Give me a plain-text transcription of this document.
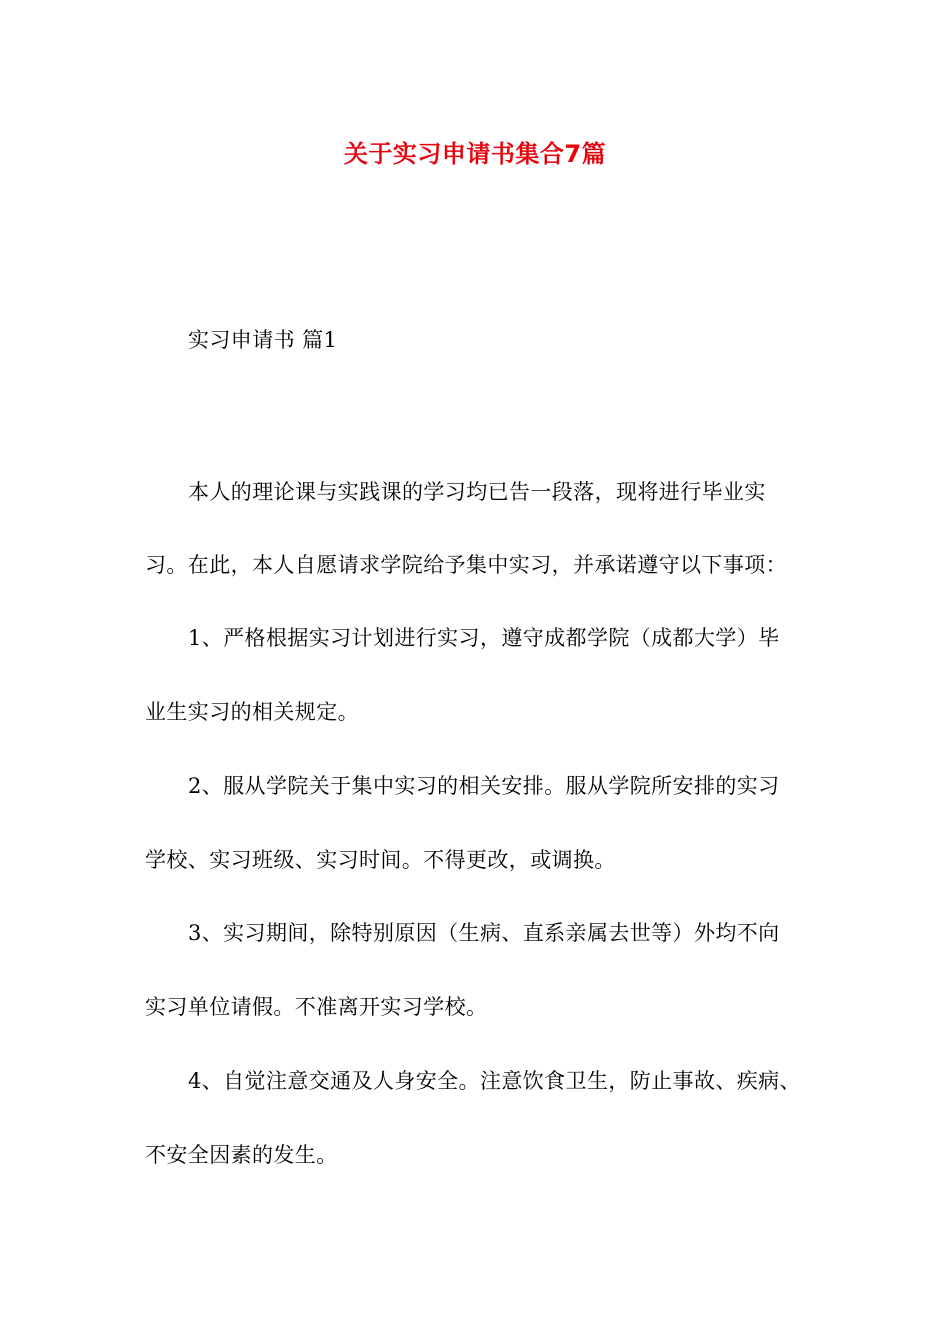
关于实习申请书集合7篇
实习申请书 篇1
本人的理论课与实践课的学习均已告一段落，现将进行毕业实
习。在此，本人自愿请求学院给予集中实习，并承诺遵守以下事项：
1、严格根据实习计划进行实习，遵守成都学院（成都大学）毕
业生实习的相关规定。
2、服从学院关于集中实习的相关安排。服从学院所安排的实习
学校、实习班级、实习时间。不得更改，或调换。
3、实习期间，除特别原因（生病、直系亲属去世等）外均不向
实习单位请假。不准离开实习学校。
4、自觉注意交通及人身安全。注意饮食卫生，防止事故、疾病、
不安全因素的发生。
